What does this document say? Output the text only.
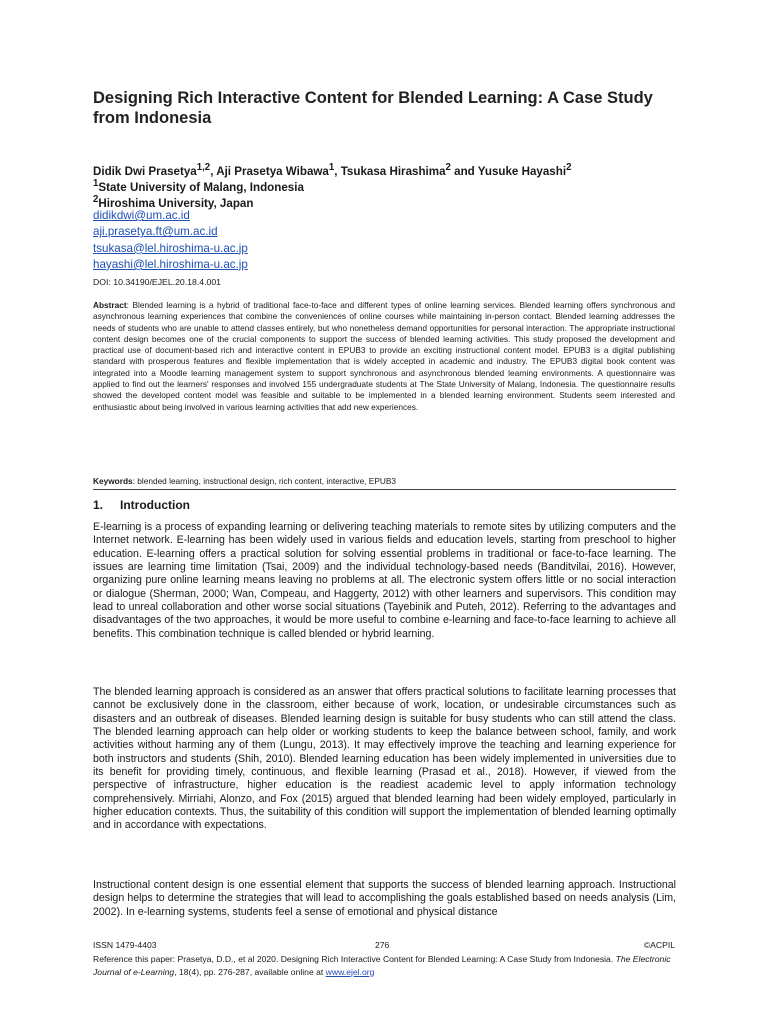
Designing Rich Interactive Content for Blended Learning: A Case Study from Indonesia

Didik Dwi Prasetya$^{1,2}$, Aji Prasetya Wibawa$^1$, Tsukasa Hirashima$^2$ and Yusuke Hayashi$^2$

$^1$State University of Malang, Indonesia

$^2$Hiroshima University, Japan

didikdwi@um.ac.id
aji.prasetya.ft@um.ac.id
tsukasa@lel.hiroshima-u.ac.jp
hayashi@lel.hiroshima-u.ac.jp

DOI: 10.34190/EJEL.20.18.4.001

Abstract: Blended learning is a hybrid of traditional face-to-face and different types of online learning services. Blended learning offers synchronous and asynchronous learning experiences that combine the conveniences of online courses while maintaining in-person contact. Blended learning addresses the needs of students who are unable to attend classes entirely, but who nonetheless demand opportunities for personal interaction. The appropriate instructional content design becomes one of the crucial components to support the success of blended learning activities. This study proposed the development and practical use of document-based rich and interactive content in EPUB3 to provide an exciting instructional content model. EPUB3 is a digital publishing standard with prosperous features and flexible implementation that is widely accepted in academic and industry. The EPUB3 digital book content was integrated into a Moodle learning management system to support synchronous and asynchronous blended learning environments. A questionnaire was applied to find out the learners' responses and involved 155 undergraduate students at The State University of Malang, Indonesia. The questionnaire results showed the developed content model was feasible and suitable to be implemented in a blended learning environment. Students seem interested and enthusiastic about being involved in various learning activities that add new experiences.

Keywords: blended learning, instructional design, rich content, interactive, EPUB3

1. Introduction

E-learning is a process of expanding learning or delivering teaching materials to remote sites by utilizing computers and the Internet network. E-learning has been widely used in various fields and education levels, starting from preschool to higher education. E-learning offers a practical solution for solving essential problems in traditional or face-to-face learning. The issues are learning time limitation (Tsai, 2009) and the individual technology-based needs (Banditvilai, 2016). However, organizing pure online learning means leaving no problems at all. The electronic system offers little or no social interaction or dialogue (Sherman, 2000; Wan, Compeau, and Haggerty, 2012) with other learners and supervisors. This condition may lead to unreal collaboration and other worse social situations (Tayebinik and Puteh, 2012). Referring to the advantages and disadvantages of the two approaches, it would be more useful to combine e-learning and face-to-face learning to achieve all benefits. This combination technique is called blended or hybrid learning.

The blended learning approach is considered as an answer that offers practical solutions to facilitate learning processes that cannot be exclusively done in the classroom, either because of work, location, or undesirable circumstances such as disasters and an outbreak of diseases. Blended learning design is suitable for busy students who can still attend the class. The blended learning approach can help older or working students to keep the balance between school, family, and work activities without harming any of them (Lungu, 2013). It may effectively improve the teaching and learning experience for both instructors and students (Shih, 2010). Blended learning education has been widely implemented in universities due to its benefit for providing timely, continuous, and flexible learning (Prasad et al., 2018). However, if viewed from the perspective of infrastructure, higher education is the readiest academic level to apply information technology comprehensively. Mirriahi, Alonzo, and Fox (2015) argued that blended learning had been widely employed, particularly in higher education contexts. Thus, the suitability of this condition will support the implementation of blended learning optimally and in accordance with expectations.

Instructional content design is one essential element that supports the success of blended learning approach. Instructional design helps to determine the strategies that will lead to accomplishing the goals established based on needs analysis (Lim, 2002). In e-learning systems, students feel a sense of emotional and physical distance

ISSN 1479-4403	276	©ACPIL

Reference this paper: Prasetya, D.D., et al 2020. Designing Rich Interactive Content for Blended Learning: A Case Study from Indonesia. The Electronic Journal of e-Learning, 18(4), pp. 276-287, available online at www.ejel.org
